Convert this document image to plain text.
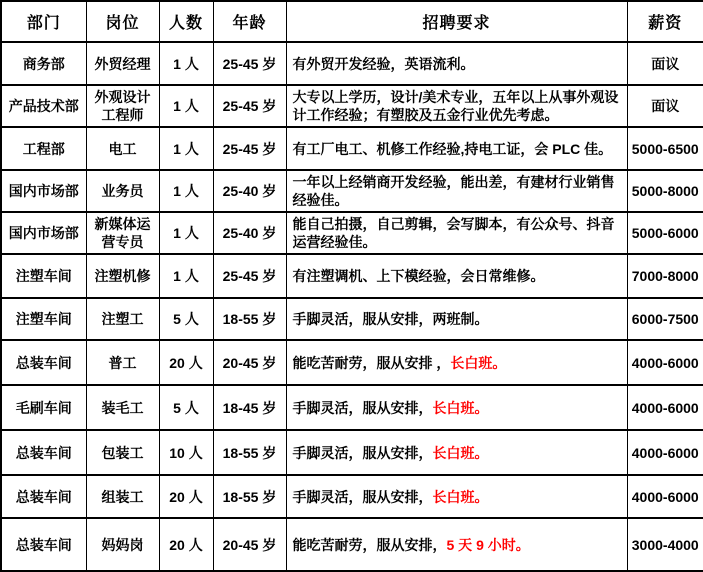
部门	岗位	人数	年龄	招聘要求	薪资
商务部	外贸经理	1 人	25-45 岁	有外贸开发经验，英语流利。	面议
产品技术部	外观设计工程师	1 人	25-45 岁	大专以上学历，设计/美术专业，五年以上从事外观设计工作经验；有塑胶及五金行业优先考虑。	面议
工程部	电工	1 人	25-45 岁	有工厂电工、机修工作经验,持电工证，会 PLC 佳。	5000-6500
国内市场部	业务员	1 人	25-40 岁	一年以上经销商开发经验，能出差，有建材行业销售经验佳。	5000-8000
国内市场部	新媒体运营专员	1 人	25-40 岁	能自己拍摄，自己剪辑，会写脚本，有公众号、抖音运营经验佳。	5000-6000
注塑车间	注塑机修	1 人	25-45 岁	有注塑调机、上下模经验，会日常维修。	7000-8000
注塑车间	注塑工	5 人	18-55 岁	手脚灵活，服从安排，两班制。	6000-7500
总装车间	普工	20 人	20-45 岁	能吃苦耐劳，服从安排 ，长白班。	4000-6000
毛刷车间	装毛工	5 人	18-45 岁	手脚灵活，服从安排，长白班。	4000-6000
总装车间	包装工	10 人	18-55 岁	手脚灵活，服从安排，长白班。	4000-6000
总装车间	组装工	20 人	18-55 岁	手脚灵活，服从安排，长白班。	4000-6000
总装车间	妈妈岗	20 人	20-45 岁	能吃苦耐劳，服从安排，5 天 9 小时。	3000-4000
